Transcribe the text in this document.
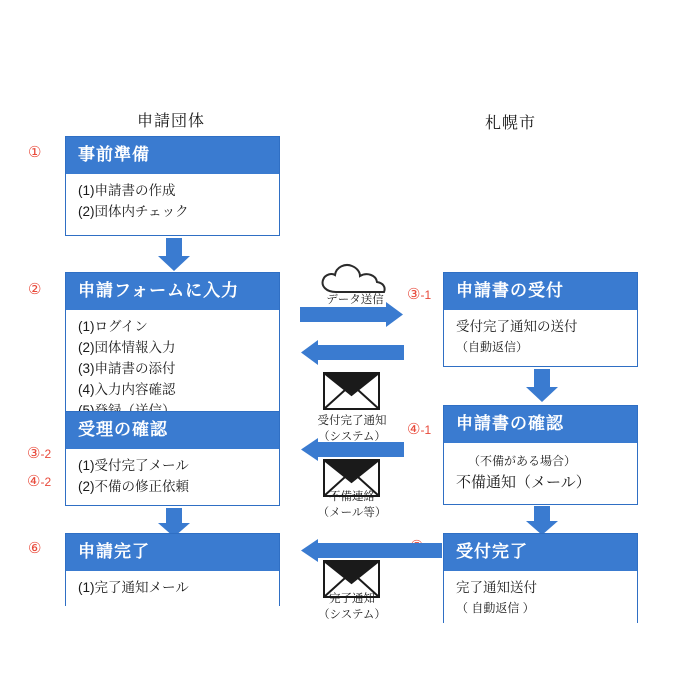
申請団体	札幌市
①
②	③-1
③-2
④-1
④-2
⑥
事前準備
(1)申請書の作成
(2)団体内チェック
申請フォームに入力
(1)ログイン
(2)団体情報入力
(3)申請書の添付
(4)入力内容確認
受理の確認
(1)受付完了メール
(2)不備の修正依頼
申請完了
(1)完了通知メール
申請書の受付
受付完了通知の送付
（自動返信）
申請書の確認
（不備がある場合）
不備通知（メール）
受付完了
完了通知送付
（ 自動返信 ）
データ送信
受付完了通知
（システム）
不備連絡
（メール等）
完了通知
（システム）
